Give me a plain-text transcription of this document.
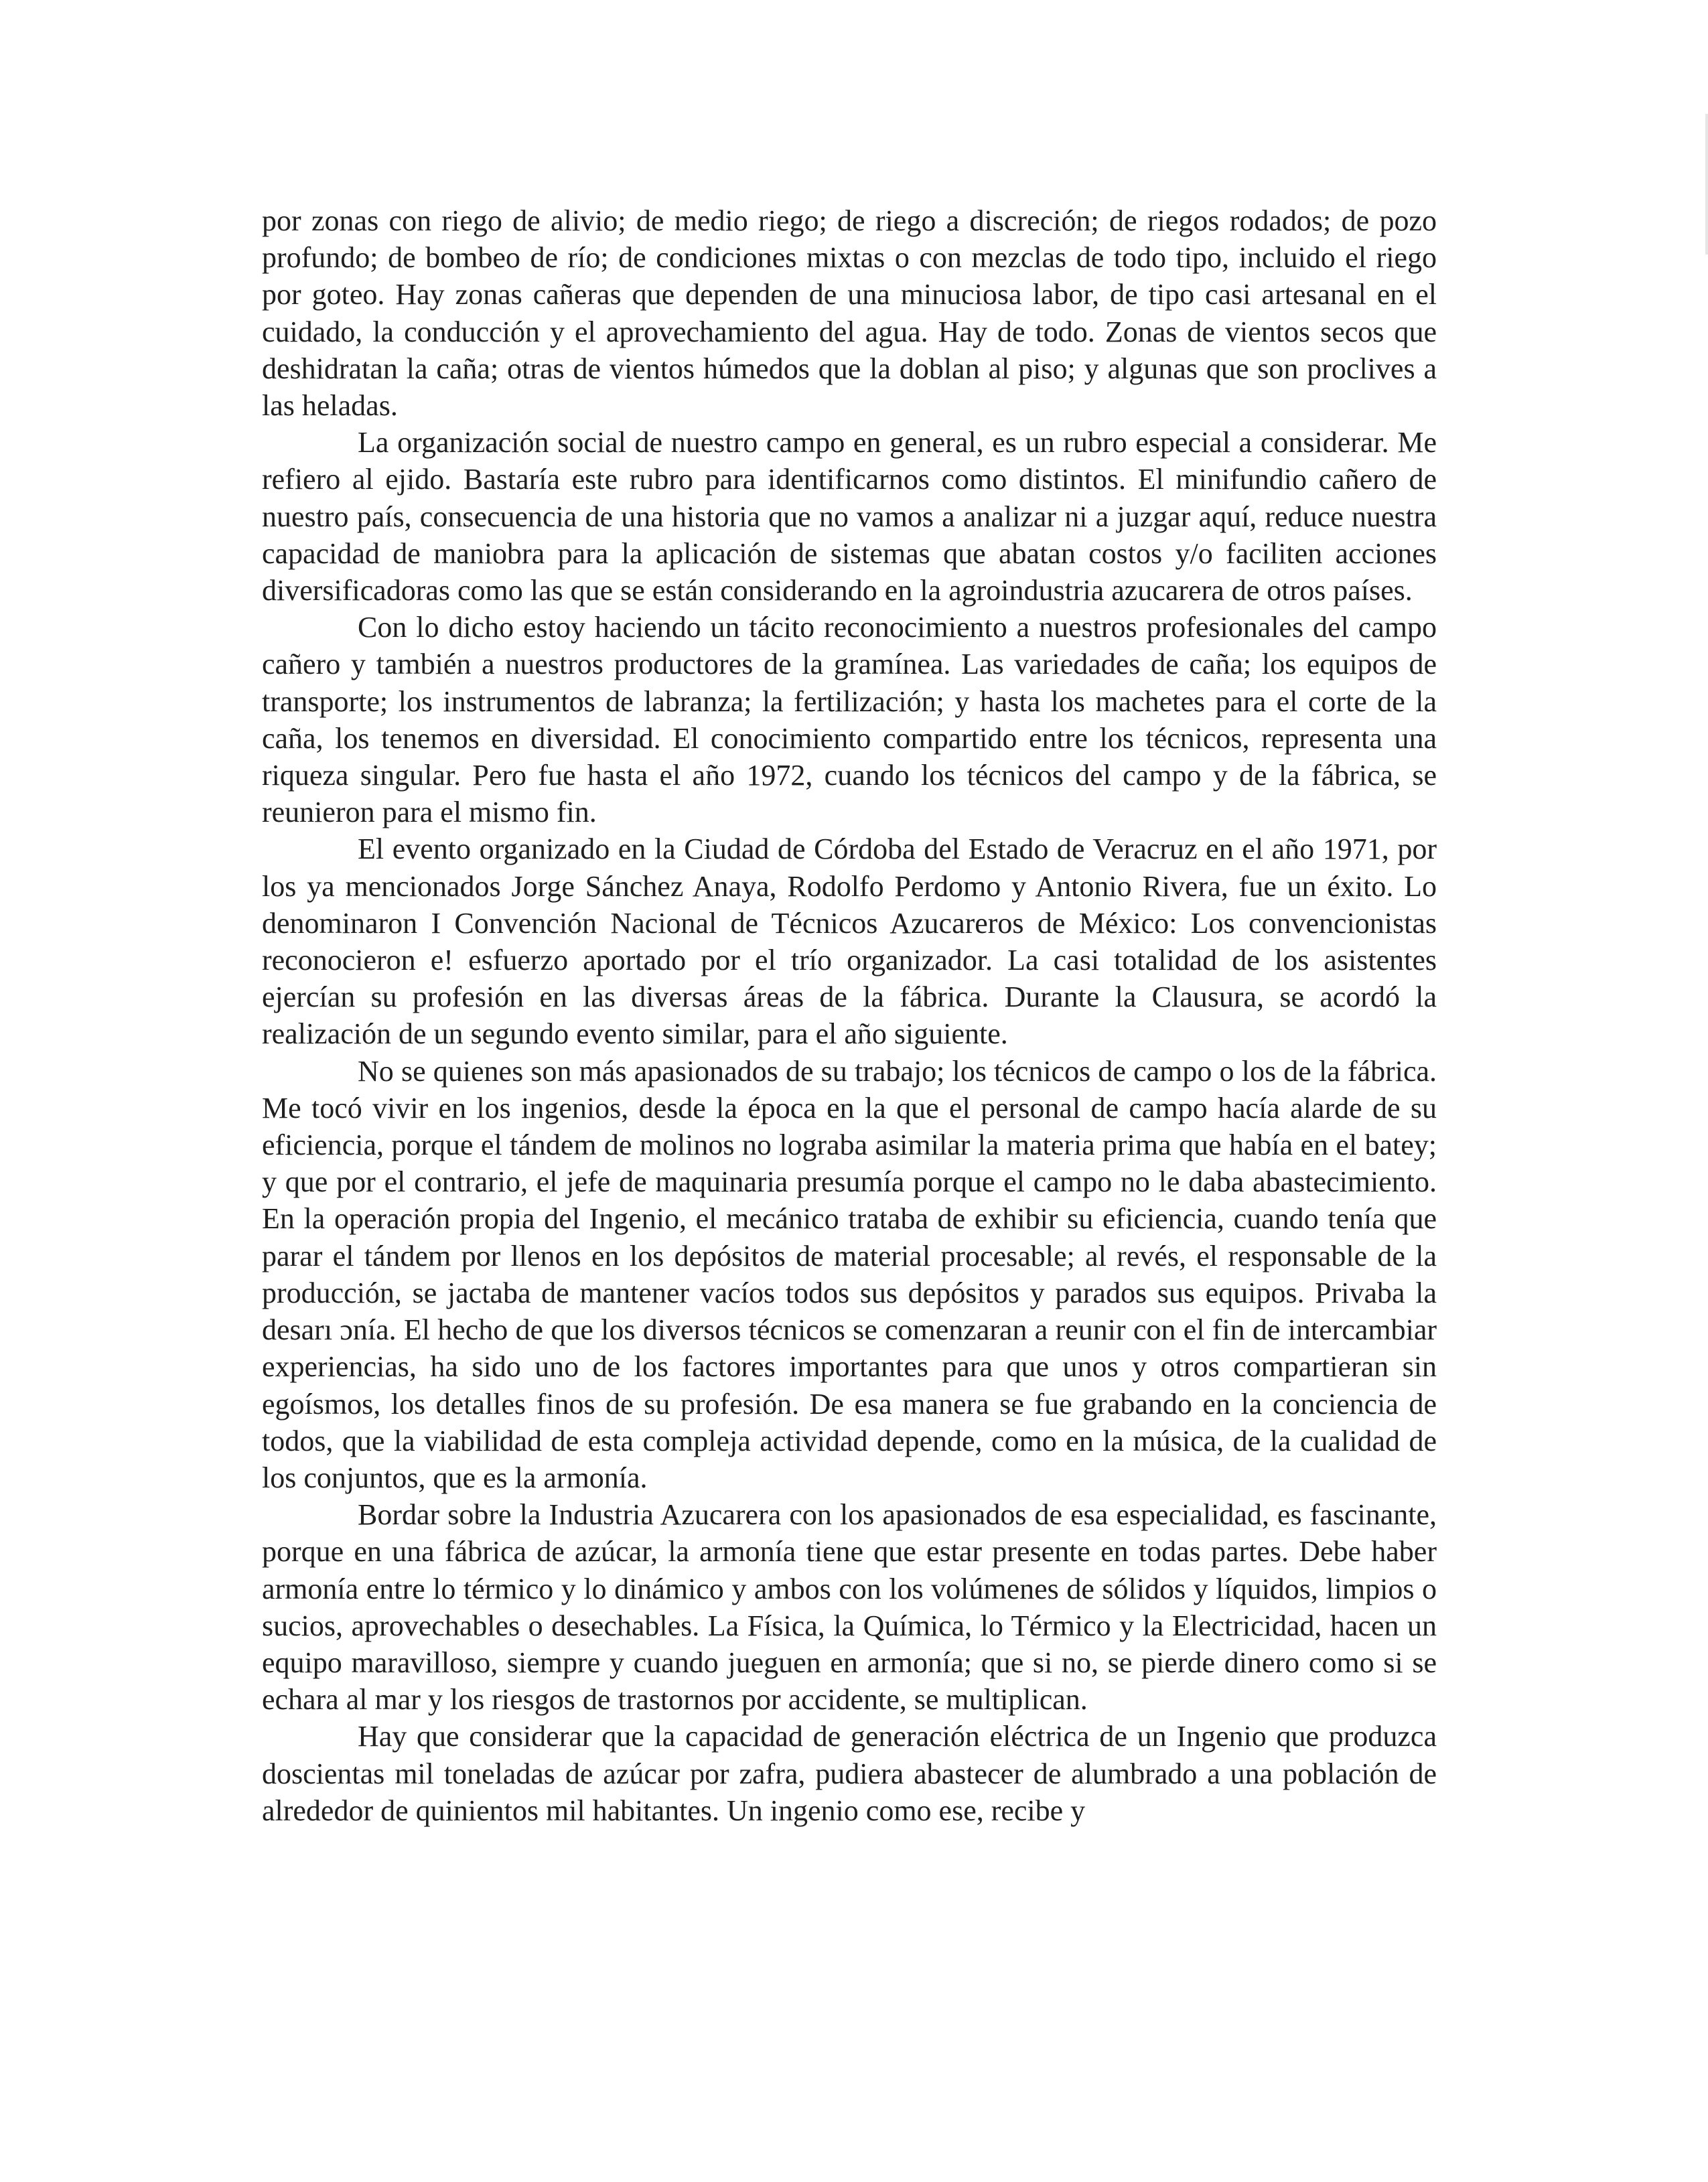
por zonas con riego de alivio; de medio riego; de riego a discreción; de riegos rodados; de pozo profundo; de bombeo de río; de condiciones mixtas o con mezclas de todo tipo, incluido el riego por goteo. Hay zonas cañeras que dependen de una minuciosa labor, de tipo casi artesanal en el cuidado, la conducción y el aprovechamiento del agua. Hay de todo. Zonas de vientos secos que deshidratan la caña; otras de vientos húmedos que la doblan al piso; y algunas que son proclives a las heladas.

La organización social de nuestro campo en general, es un rubro especial a considerar. Me refiero al ejido. Bastaría este rubro para identificarnos como distintos. El minifundio cañero de nuestro país, consecuencia de una historia que no vamos a analizar ni a juzgar aquí, reduce nuestra capacidad de maniobra para la aplicación de sistemas que abatan costos y/o faciliten acciones diversificadoras como las que se están considerando en la agroindustria azucarera de otros países.

Con lo dicho estoy haciendo un tácito reconocimiento a nuestros profesionales del campo cañero y también a nuestros productores de la gramínea. Las variedades de caña; los equipos de transporte; los instrumentos de labranza; la fertilización; y hasta los machetes para el corte de la caña, los tenemos en diversidad. El conocimiento compartido entre los técnicos, representa una riqueza singular. Pero fue hasta el año 1972, cuando los técnicos del campo y de la fábrica, se reunieron para el mismo fin.

El evento organizado en la Ciudad de Córdoba del Estado de Veracruz en el año 1971, por los ya mencionados Jorge Sánchez Anaya, Rodolfo Perdomo y Antonio Rivera, fue un éxito. Lo denominaron I Convención Nacional de Técnicos Azucareros de México: Los convencionistas reconocieron e! esfuerzo aportado por el trío organizador. La casi totalidad de los asistentes ejercían su profesión en las diversas áreas de la fábrica. Durante la Clausura, se acordó la realización de un segundo evento similar, para el año siguiente.

No se quienes son más apasionados de su trabajo; los técnicos de campo o los de la fábrica. Me tocó vivir en los ingenios, desde la época en la que el personal de campo hacía alarde de su eficiencia, porque el tándem de molinos no lograba asimilar la materia prima que había en el batey; y que por el contrario, el jefe de maquinaria presumía porque el campo no le daba abastecimiento. En la operación propia del Ingenio, el mecánico trataba de exhibir su eficiencia, cuando tenía que parar el tándem por llenos en los depósitos de material procesable; al revés, el responsable de la producción, se jactaba de mantener vacíos todos sus depósitos y parados sus equipos. Privaba la desarı ɔnía. El hecho de que los diversos técnicos se comenzaran a reunir con el fin de intercambiar experiencias, ha sido uno de los factores importantes para que unos y otros compartieran sin egoísmos, los detalles finos de su profesión. De esa manera se fue grabando en la conciencia de todos, que la viabilidad de esta compleja actividad depende, como en la música, de la cualidad de los conjuntos, que es la armonía.

Bordar sobre la Industria Azucarera con los apasionados de esa especialidad, es fascinante, porque en una fábrica de azúcar, la armonía tiene que estar presente en todas partes. Debe haber armonía entre lo térmico y lo dinámico y ambos con los volúmenes de sólidos y líquidos, limpios o sucios, aprovechables o desechables. La Física, la Química, lo Térmico y la Electricidad, hacen un equipo maravilloso, siempre y cuando jueguen en armonía; que si no, se pierde dinero como si se echara al mar y los riesgos de trastornos por accidente, se multiplican.

Hay que considerar que la capacidad de generación eléctrica de un Ingenio que produzca doscientas mil toneladas de azúcar por zafra, pudiera abastecer de alumbrado a una población de alrededor de quinientos mil habitantes. Un ingenio como ese, recibe y
